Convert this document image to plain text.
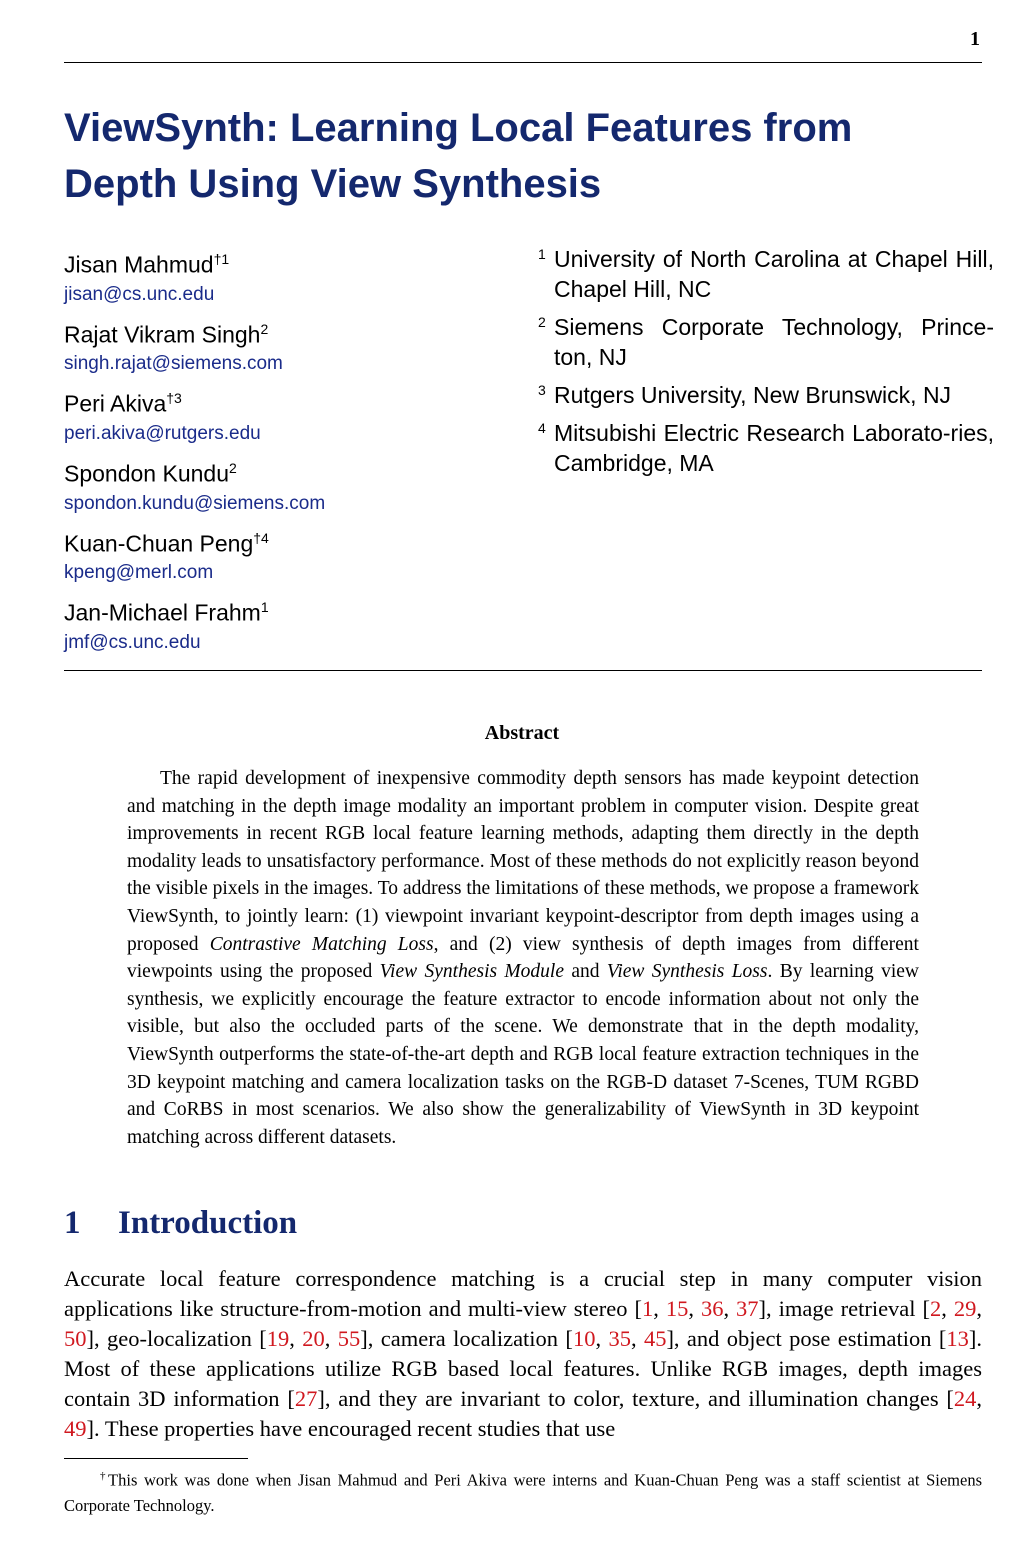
1
ViewSynth: Learning Local Features from
Depth Using View Synthesis
Jisan Mahmud$^{\dagger 1}$
jisan@cs.unc.edu
Rajat Vikram Singh$^2$
singh.rajat@siemens.com
Peri Akiva$^{\dagger 3}$
peri.akiva@rutgers.edu
Spondon Kundu$^2$
spondon.kundu@siemens.com
Kuan-Chuan Peng$^{\dagger 4}$
kpeng@merl.com
Jan-Michael Frahm$^1$
jmf@cs.unc.edu
1 University of North Carolina at Chapel Hill, Chapel Hill, NC
2 Siemens Corporate Technology, Prince-ton, NJ
3 Rutgers University, New Brunswick, NJ
4 Mitsubishi Electric Research Laborato-ries, Cambridge, MA
Abstract

The rapid development of inexpensive commodity depth sensors has made keypoint detection and matching in the depth image modality an important problem in computer vision. Despite great improvements in recent RGB local feature learning methods, adapting them directly in the depth modality leads to unsatisfactory performance. Most of these methods do not explicitly reason beyond the visible pixels in the images. To address the limitations of these methods, we propose a framework ViewSynth, to jointly learn: (1) viewpoint invariant keypoint-descriptor from depth images using a proposed Contrastive Matching Loss, and (2) view synthesis of depth images from different viewpoints using the proposed View Synthesis Module and View Synthesis Loss. By learning view synthesis, we explicitly encourage the feature extractor to encode information about not only the visible, but also the occluded parts of the scene. We demonstrate that in the depth modality, ViewSynth outperforms the state-of-the-art depth and RGB local feature extraction techniques in the 3D keypoint matching and camera localization tasks on the RGB-D dataset 7-Scenes, TUM RGBD and CoRBS in most scenarios. We also show the generalizability of ViewSynth in 3D keypoint matching across different datasets.

1 Introduction

Accurate local feature correspondence matching is a crucial step in many computer vision applications like structure-from-motion and multi-view stereo [1, 15, 36, 37], image retrieval [2, 29, 50], geo-localization [19, 20, 55], camera localization [10, 35, 45], and object pose estimation [13]. Most of these applications utilize RGB based local features. Unlike RGB images, depth images contain 3D information [27], and they are invariant to color, texture, and illumination changes [24, 49]. These properties have encouraged recent studies that use

†This work was done when Jisan Mahmud and Peri Akiva were interns and Kuan-Chuan Peng was a staff scientist at Siemens Corporate Technology.
